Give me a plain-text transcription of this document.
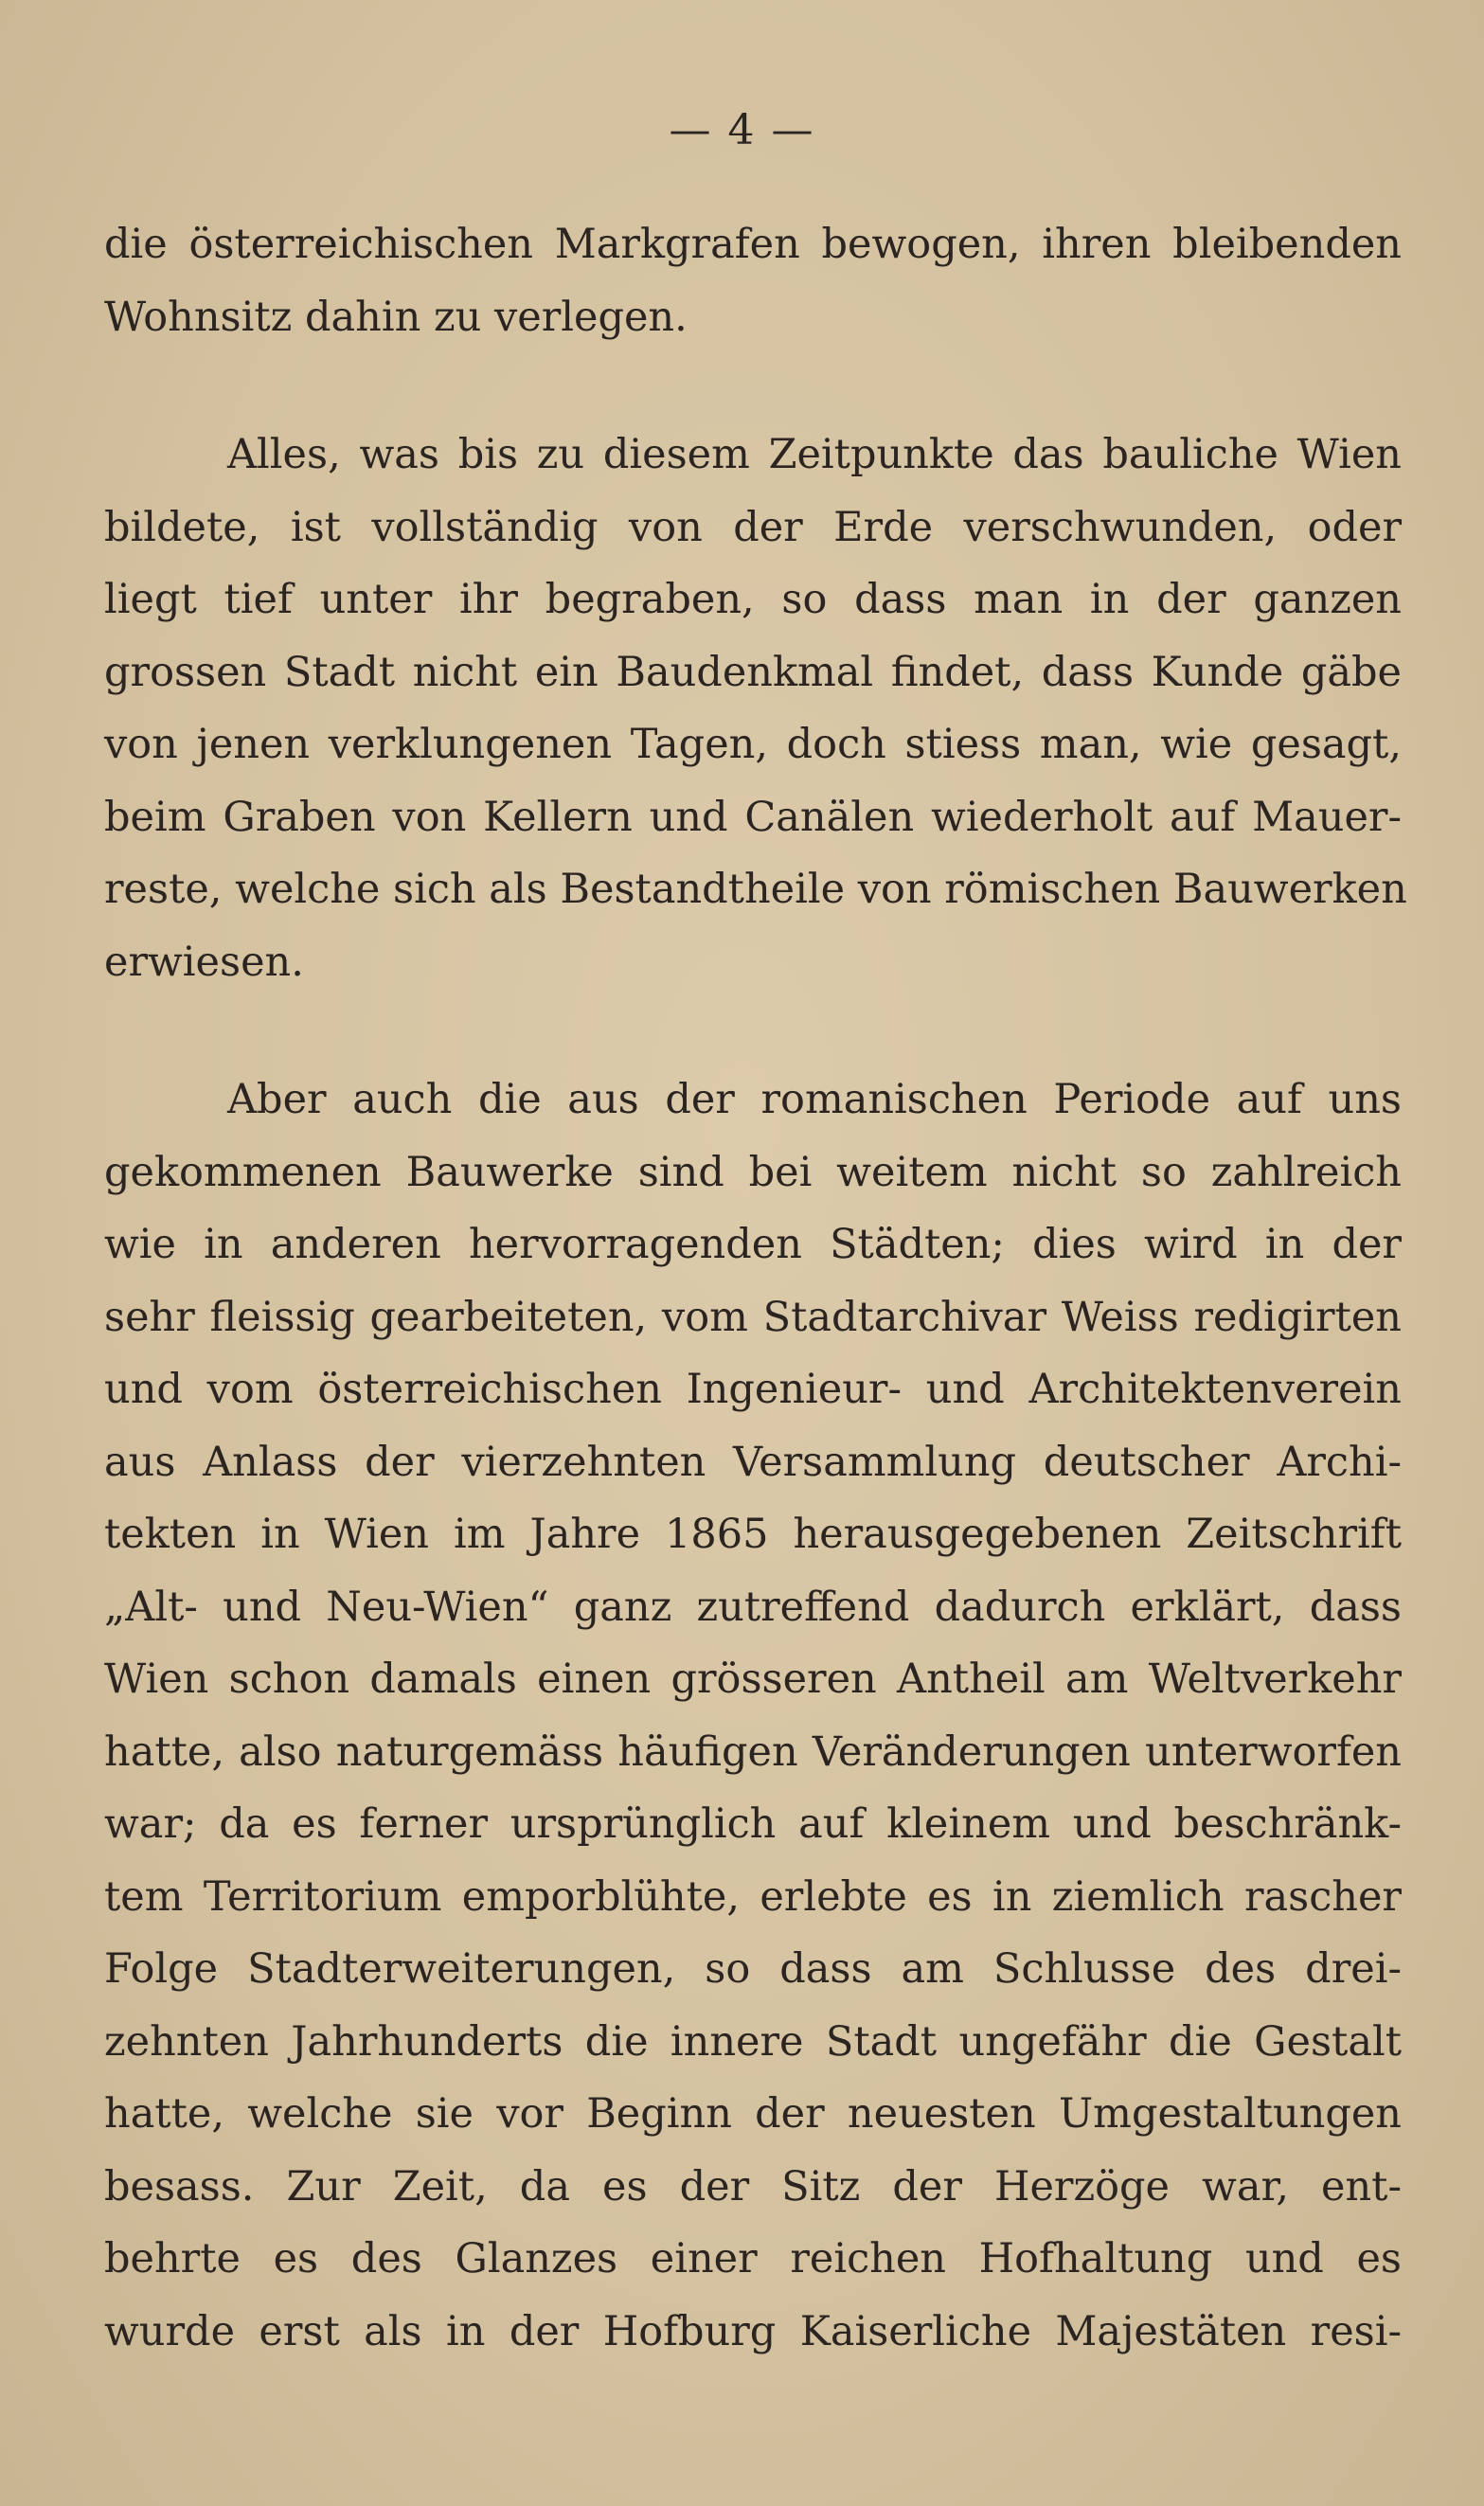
— 4 —

die österreichischen Markgrafen bewogen, ihren bleibenden
Wohnsitz dahin zu verlegen.

Alles, was bis zu diesem Zeitpunkte das bauliche Wien
bildete, ist vollständig von der Erde verschwunden, oder
liegt tief unter ihr begraben, so dass man in der ganzen
grossen Stadt nicht ein Baudenkmal findet, dass Kunde gäbe
von jenen verklungenen Tagen, doch stiess man, wie gesagt,
beim Graben von Kellern und Canälen wiederholt auf Mauer-
reste, welche sich als Bestandtheile von römischen Bauwerken
erwiesen.

Aber auch die aus der romanischen Periode auf uns
gekommenen Bauwerke sind bei weitem nicht so zahlreich
wie in anderen hervorragenden Städten; dies wird in der
sehr fleissig gearbeiteten, vom Stadtarchivar Weiss redigirten
und vom österreichischen Ingenieur- und Architektenverein
aus Anlass der vierzehnten Versammlung deutscher Archi-
tekten in Wien im Jahre 1865 herausgegebenen Zeitschrift
„Alt- und Neu-Wien“ ganz zutreffend dadurch erklärt, dass
Wien schon damals einen grösseren Antheil am Weltverkehr
hatte, also naturgemäss häufigen Veränderungen unterworfen
war; da es ferner ursprünglich auf kleinem und beschränk-
tem Territorium emporblühte, erlebte es in ziemlich rascher
Folge Stadterweiterungen, so dass am Schlusse des drei-
zehnten Jahrhunderts die innere Stadt ungefähr die Gestalt
hatte, welche sie vor Beginn der neuesten Umgestaltungen
besass. Zur Zeit, da es der Sitz der Herzöge war, ent-
behrte es des Glanzes einer reichen Hofhaltung und es
wurde erst als in der Hofburg Kaiserliche Majestäten resi-
